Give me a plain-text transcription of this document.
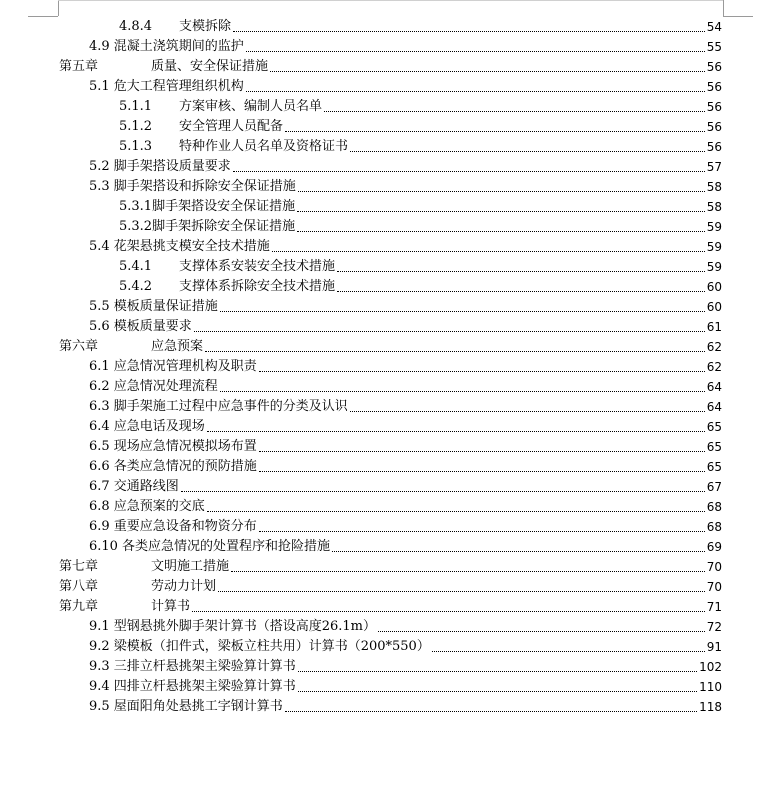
4.8.4	支模拆除	54
4.9 混凝土浇筑期间的监护	55
第五章	质量、安全保证措施	56
5.1 危大工程管理组织机构	56
5.1.1	方案审核、编制人员名单	56
5.1.2	安全管理人员配备	56
5.1.3	特种作业人员名单及资格证书	56
5.2 脚手架搭设质量要求	57
5.3 脚手架搭设和拆除安全保证措施	58
5.3.1 脚手架搭设安全保证措施	58
5.3.2 脚手架拆除安全保证措施	59
5.4 花架悬挑支模安全技术措施	59
5.4.1	支撑体系安装安全技术措施	59
5.4.2	支撑体系拆除安全技术措施	60
5.5 模板质量保证措施	60
5.6 模板质量要求	61
第六章	应急预案	62
6.1 应急情况管理机构及职责	62
6.2 应急情况处理流程	64
6.3 脚手架施工过程中应急事件的分类及认识	64
6.4 应急电话及现场	65
6.5 现场应急情况模拟场布置	65
6.6 各类应急情况的预防措施	65
6.7 交通路线图	67
6.8 应急预案的交底	68
6.9 重要应急设备和物资分布	68
6.10 各类应急情况的处置程序和抢险措施	69
第七章	文明施工措施	70
第八章	劳动力计划	70
第九章	计算书	71
9.1 型钢悬挑外脚手架计算书（搭设高度26.1m）	72
9.2 梁模板（扣件式，梁板立柱共用）计算书（200*550）	91
9.3 三排立杆悬挑架主梁验算计算书	102
9.4 四排立杆悬挑架主梁验算计算书	110
9.5 屋面阳角处悬挑工字钢计算书	118
